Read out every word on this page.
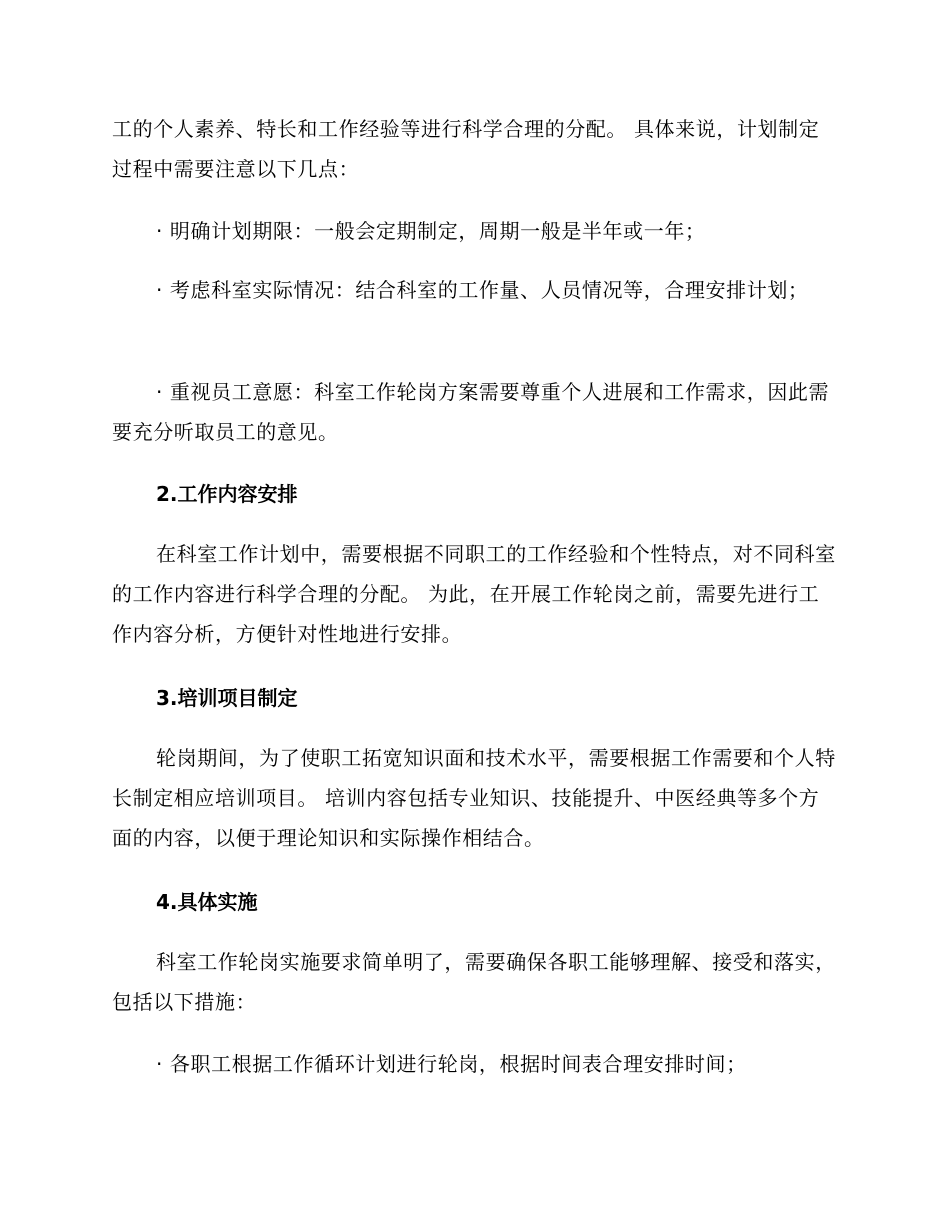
工的个人素养、特长和工作经验等进行科学合理的分配。 具体来说，计划制定过程中需要注意以下几点：

· 明确计划期限：一般会定期制定，周期一般是半年或一年；

· 考虑科室实际情况：结合科室的工作量、人员情况等，合理安排计划；

· 重视员工意愿：科室工作轮岗方案需要尊重个人进展和工作需求，因此需要充分听取员工的意见。

2.工作内容安排

在科室工作计划中，需要根据不同职工的工作经验和个性特点，对不同科室的工作内容进行科学合理的分配。 为此，在开展工作轮岗之前，需要先进行工作内容分析，方便针对性地进行安排。

3.培训项目制定

轮岗期间，为了使职工拓宽知识面和技术水平，需要根据工作需要和个人特长制定相应培训项目。 培训内容包括专业知识、技能提升、中医经典等多个方面的内容，以便于理论知识和实际操作相结合。

4.具体实施

科室工作轮岗实施要求简单明了，需要确保各职工能够理解、接受和落实，包括以下措施：

· 各职工根据工作循环计划进行轮岗，根据时间表合理安排时间；
